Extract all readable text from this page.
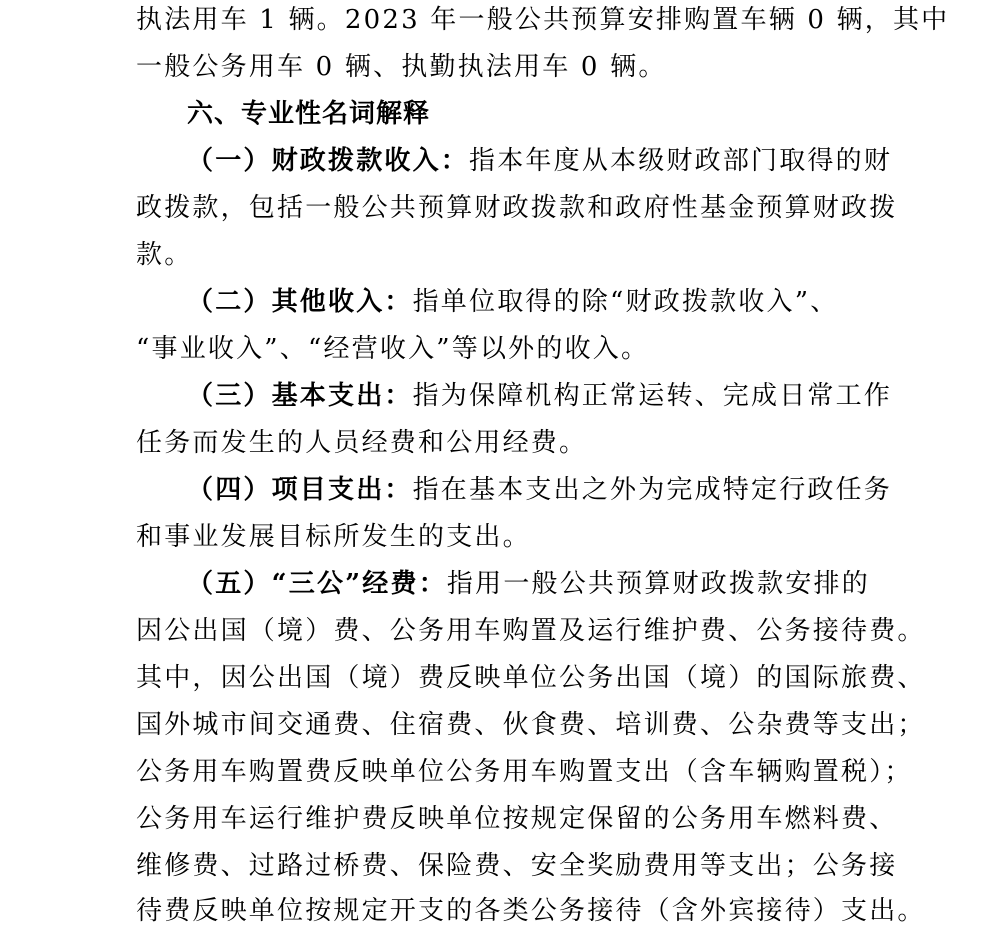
执法用车 1 辆。2023 年一般公共预算安排购置车辆 0 辆，其中
一般公务用车 0 辆、执勤执法用车 0 辆。
六、专业性名词解释
（一）财政拨款收入：指本年度从本级财政部门取得的财
政拨款，包括一般公共预算财政拨款和政府性基金预算财政拨
款。
（二）其他收入：指单位取得的除“财政拨款收入”、
“事业收入”、“经营收入”等以外的收入。
（三）基本支出：指为保障机构正常运转、完成日常工作
任务而发生的人员经费和公用经费。
（四）项目支出：指在基本支出之外为完成特定行政任务
和事业发展目标所发生的支出。
（五）“三公”经费：指用一般公共预算财政拨款安排的
因公出国（境）费、公务用车购置及运行维护费、公务接待费。
其中，因公出国（境）费反映单位公务出国（境）的国际旅费、
国外城市间交通费、住宿费、伙食费、培训费、公杂费等支出；
公务用车购置费反映单位公务用车购置支出（含车辆购置税）；
公务用车运行维护费反映单位按规定保留的公务用车燃料费、
维修费、过路过桥费、保险费、安全奖励费用等支出；公务接
待费反映单位按规定开支的各类公务接待（含外宾接待）支出。
